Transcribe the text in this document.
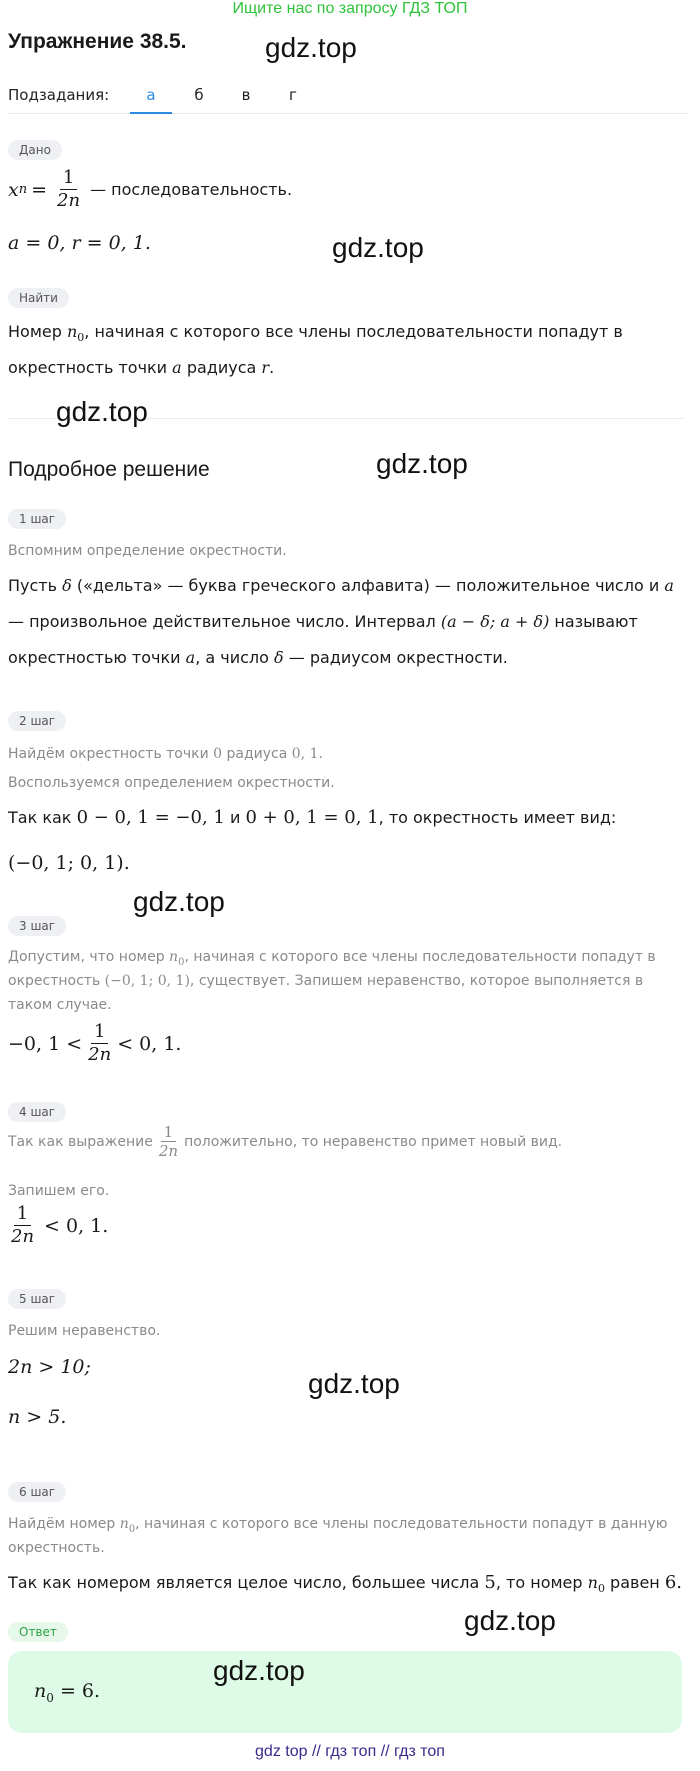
Ищите нас по запросу ГДЗ ТОП
Упражнение 38.5.
Подзадания:	а	б	в	г
Дано
x $n = \frac{1}{2n}$ — последовательность.
a = 0, r = 0, 1.
Найти
Номер $n_0$, начиная с которого все члены последовательности попадут в
окрестность точки a радиуса r.
Подробное решение
1 шаг
Вспомним определение окрестности.
Пусть δ («дельта» — буква греческого алфавита) — положительное число и a
— произвольное действительное число. Интервал (a − δ; a + δ) называют
окрестностью точки a, а число δ — радиусом окрестности.
2 шаг
Найдём окрестность точки 0 радиуса 0, 1.
Воспользуемся определением окрестности.
Так как 0 − 0, 1 = −0, 1 и 0 + 0, 1 = 0, 1, то окрестность имеет вид:
(−0, 1; 0, 1).
3 шаг
Допустим, что номер $n_0$, начиная с которого все члены последовательности попадут в
окрестность (−0, 1; 0, 1), существует. Запишем неравенство, которое выполняется в
таком случае.
−0, $1 < \frac{1}{2n} < 0$, 1.
4 шаг
Так как выражение $\frac{1}{2n}$ положительно, то неравенство примет новый вид.
Запишем его.
$\frac{1}{2n} < 0$, 1.
5 шаг
Решим неравенство.
2n > 10;
n > 5.
6 шаг
Найдём номер $n_0$, начиная с которого все члены последовательности попадут в данную
окрестность.
Так как номером является целое число, большее числа 5, то номер $n_0$ равен 6.
Ответ
$n_0 = 6$.
gdz.top
gdz.top
gdz.top
gdz.top
gdz.top
gdz.top
gdz.top
gdz.top
gdz top // гдз топ // гдз топ
